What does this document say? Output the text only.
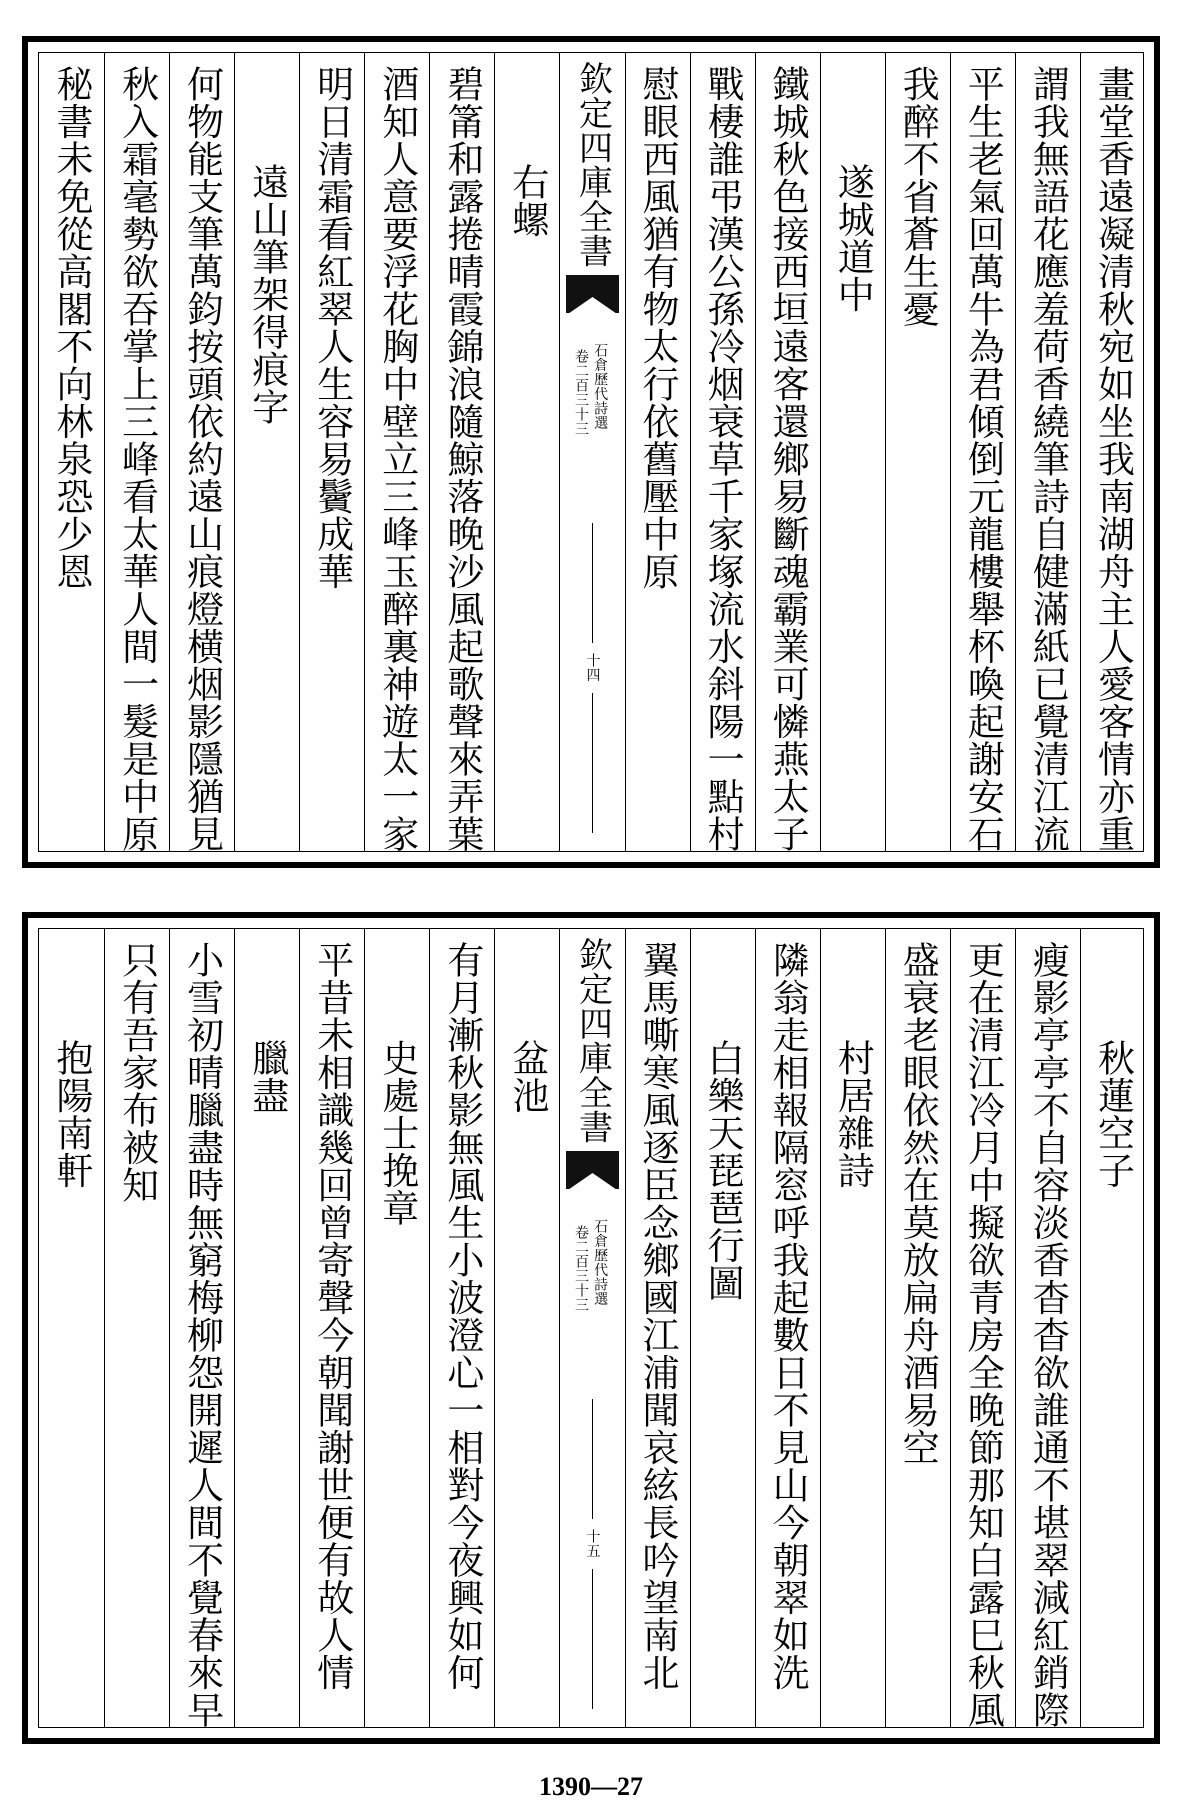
畫堂香遠凝清秋宛如坐我南湖舟主人愛客情亦重
謂我無語花應羞荷香繞筆詩自健滿紙已覺清江流
平生老氣回萬牛為君傾倒元龍樓舉杯喚起謝安石
我醉不省蒼生憂
遂城道中
鐵城秋色接西垣遠客還鄉易斷魂霸業可憐燕太子
戰棲誰弔漢公孫冷烟衰草千家塚流水斜陽一點村
慰眼西風猶有物太行依舊壓中原
欽定四庫全書
石倉歷代詩選
卷二百三十三
十四
右螺
碧筩和露捲晴霞錦浪隨鯨落晚沙風起歌聲來弄葉
酒知人意要浮花胸中壁立三峰玉醉裏神遊太一家
明日清霜看紅翠人生容易鬢成華
遠山筆架得痕字
何物能支筆萬鈞按頭依約遠山痕燈横烟影隱猶見
秋入霜毫勢欲吞掌上三峰看太華人間一髮是中原
秘書未免從高閣不向林泉恐少恩
秋蓮空子
瘦影亭亭不自容淡香杳杳欲誰通不堪翠減紅銷際
更在清江冷月中擬欲青房全晚節那知白露巳秋風
盛衰老眼依然在莫放扁舟酒易空
村居雜詩
隣翁走相報隔窓呼我起數日不見山今朝翠如洗
白樂天琵琶行圖
翼馬嘶寒風逐臣念鄉國江浦聞哀絃長吟望南北
欽定四庫全書
石倉歷代詩選
卷二百三十三
十五
盆池
有月漸秋影無風生小波澄心一相對今夜興如何
史處士挽章
平昔未相識幾回曾寄聲今朝聞謝世便有故人情
臘盡
小雪初晴臘盡時無窮梅柳怨開遲人間不覺春來早
只有吾家布被知
抱陽南軒
1390—27
